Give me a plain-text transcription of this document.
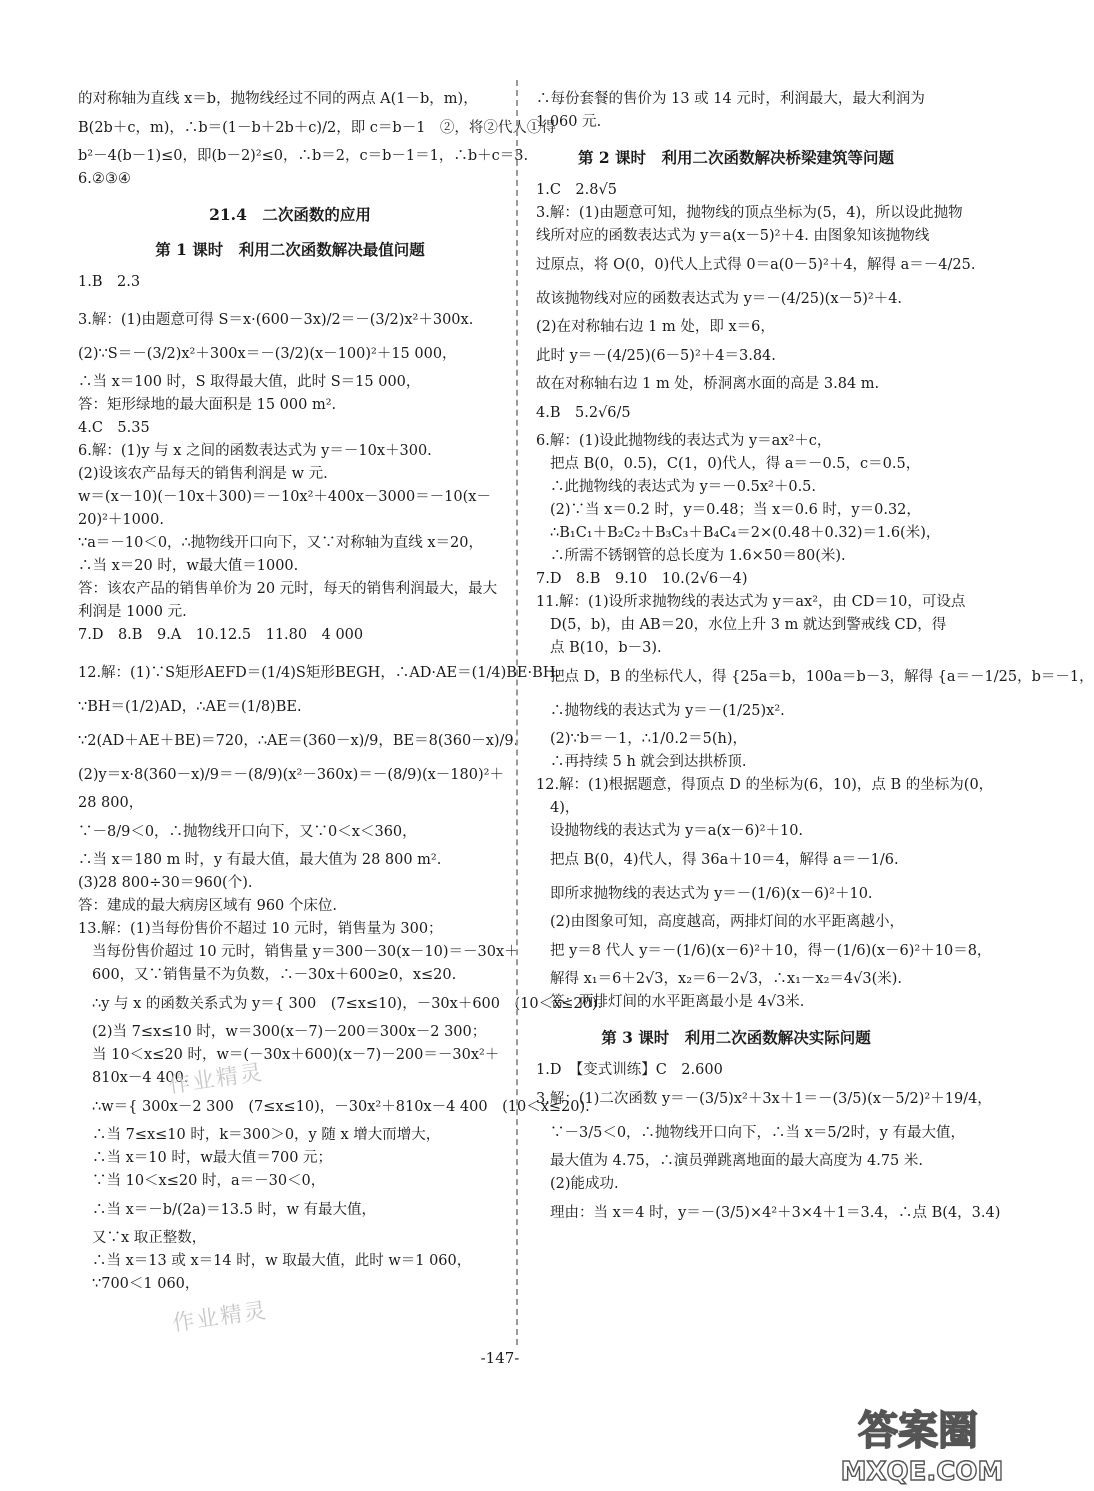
的对称轴为直线 x＝b，抛物线经过不同的两点 A(1－b，m)，
B(2b＋c，m)，∴b＝(1－b＋2b＋c)/2，即 c＝b－1　②，将②代人①得
b²－4(b－1)≤0，即(b－2)²≤0，∴b＝2，c＝b－1＝1，∴b＋c＝3.
6.②③④
21.4　二次函数的应用
第 1 课时　利用二次函数解决最值问题
1.B　2.3
3.解：(1)由题意可得 S＝x·(600－3x)/2＝－(3/2)x²＋300x.
(2)∵S＝－(3/2)x²＋300x＝－(3/2)(x－100)²＋15 000，
∴当 x＝100 时，S 取得最大值，此时 S＝15 000，
答：矩形绿地的最大面积是 15 000 m².
4.C　5.35
6.解：(1)y 与 x 之间的函数表达式为 y＝－10x＋300.
(2)设该农产品每天的销售利润是 w 元.
w＝(x－10)(－10x＋300)＝－10x²＋400x－3000＝－10(x－
20)²＋1000.
∵a＝－10＜0，∴抛物线开口向下，又∵对称轴为直线 x＝20，
∴当 x＝20 时，w最大值＝1000.
答：该农产品的销售单价为 20 元时，每天的销售利润最大，最大
利润是 1000 元.
7.D　8.B　9.A　10.12.5　11.80　4 000
12.解：(1)∵S矩形AEFD＝(1/4)S矩形BEGH，∴AD·AE＝(1/4)BE·BH.
∵BH＝(1/2)AD，∴AE＝(1/8)BE.
∵2(AD＋AE＋BE)＝720，∴AE＝(360－x)/9，BE＝8(360－x)/9.
(2)y＝x·8(360－x)/9＝－(8/9)(x²－360x)＝－(8/9)(x－180)²＋
28 800，
∵－8/9＜0，∴抛物线开口向下，又∵0＜x＜360，
∴当 x＝180 m 时，y 有最大值，最大值为 28 800 m².
(3)28 800÷30＝960(个).
答：建成的最大病房区域有 960 个床位.
13.解：(1)当每份售价不超过 10 元时，销售量为 300；
当每份售价超过 10 元时，销售量 y＝300－30(x－10)＝－30x＋
600，又∵销售量不为负数，∴－30x＋600≥0，x≤20.
∴y 与 x 的函数关系式为 y＝{ 300　(7≤x≤10)，－30x＋600　(10＜x≤20).
(2)当 7≤x≤10 时，w＝300(x－7)－200＝300x－2 300；
当 10＜x≤20 时，w＝(－30x＋600)(x－7)－200＝－30x²＋
810x－4 400.
∴w＝{ 300x－2 300　(7≤x≤10)，－30x²＋810x－4 400　(10＜x≤20).
∴当 7≤x≤10 时，k＝300＞0，y 随 x 增大而增大，
∴当 x＝10 时，w最大值＝700 元；
∵当 10＜x≤20 时，a＝－30＜0，
∴当 x＝－b/(2a)＝13.5 时，w 有最大值，
又∵x 取正整数，
∴当 x＝13 或 x＝14 时，w 取最大值，此时 w＝1 060，
∵700＜1 060，
∴每份套餐的售价为 13 或 14 元时，利润最大，最大利润为
1 060 元.
第 2 课时　利用二次函数解决桥梁建筑等问题
1.C　2.8√5
3.解：(1)由题意可知，抛物线的顶点坐标为(5，4)，所以设此抛物
线所对应的函数表达式为 y＝a(x－5)²＋4. 由图象知该抛物线
过原点，将 O(0，0)代人上式得 0＝a(0－5)²＋4，解得 a＝－4/25.
故该抛物线对应的函数表达式为 y＝－(4/25)(x－5)²＋4.
(2)在对称轴右边 1 m 处，即 x＝6，
此时 y＝－(4/25)(6－5)²＋4＝3.84.
故在对称轴右边 1 m 处，桥洞离水面的高是 3.84 m.
4.B　5.2√6/5
6.解：(1)设此抛物线的表达式为 y＝ax²＋c，
把点 B(0，0.5)，C(1，0)代人，得 a＝－0.5，c＝0.5，
∴此抛物线的表达式为 y＝－0.5x²＋0.5.
(2)∵当 x＝0.2 时，y＝0.48；当 x＝0.6 时，y＝0.32，
∴B₁C₁＋B₂C₂＋B₃C₃＋B₄C₄＝2×(0.48＋0.32)＝1.6(米)，
∴所需不锈钢管的总长度为 1.6×50＝80(米).
7.D　8.B　9.10　10.(2√6－4)
11.解：(1)设所求抛物线的表达式为 y＝ax²，由 CD＝10，可设点
D(5，b)，由 AB＝20，水位上升 3 m 就达到警戒线 CD，得
点 B(10，b－3).
把点 D，B 的坐标代人，得 {25a＝b，100a＝b－3，解得 {a＝－1/25，b＝－1，
∴抛物线的表达式为 y＝－(1/25)x².
(2)∵b＝－1，∴1/0.2＝5(h)，
∴再持续 5 h 就会到达拱桥顶.
12.解：(1)根据题意，得顶点 D 的坐标为(6，10)，点 B 的坐标为(0，
4)，
设抛物线的表达式为 y＝a(x－6)²＋10.
把点 B(0，4)代人，得 36a＋10＝4，解得 a＝－1/6.
即所求抛物线的表达式为 y＝－(1/6)(x－6)²＋10.
(2)由图象可知，高度越高，两排灯间的水平距离越小，
把 y＝8 代人 y＝－(1/6)(x－6)²＋10，得－(1/6)(x－6)²＋10＝8，
解得 x₁＝6＋2√3，x₂＝6－2√3，∴x₁－x₂＝4√3(米).
答：两排灯间的水平距离最小是 4√3米.
第 3 课时　利用二次函数解决实际问题
1.D　【变式训练】C　2.600
3.解：(1)二次函数 y＝－(3/5)x²＋3x＋1＝－(3/5)(x－5/2)²＋19/4，
∵－3/5＜0，∴抛物线开口向下，∴当 x＝5/2时，y 有最大值，
最大值为 4.75，∴演员弹跳离地面的最大高度为 4.75 米.
(2)能成功.
理由：当 x＝4 时，y＝－(3/5)×4²＋3×4＋1＝3.4，∴点 B(4，3.4)
-147-
作业精灵
作业精灵
答案圈
MXQE.COM
